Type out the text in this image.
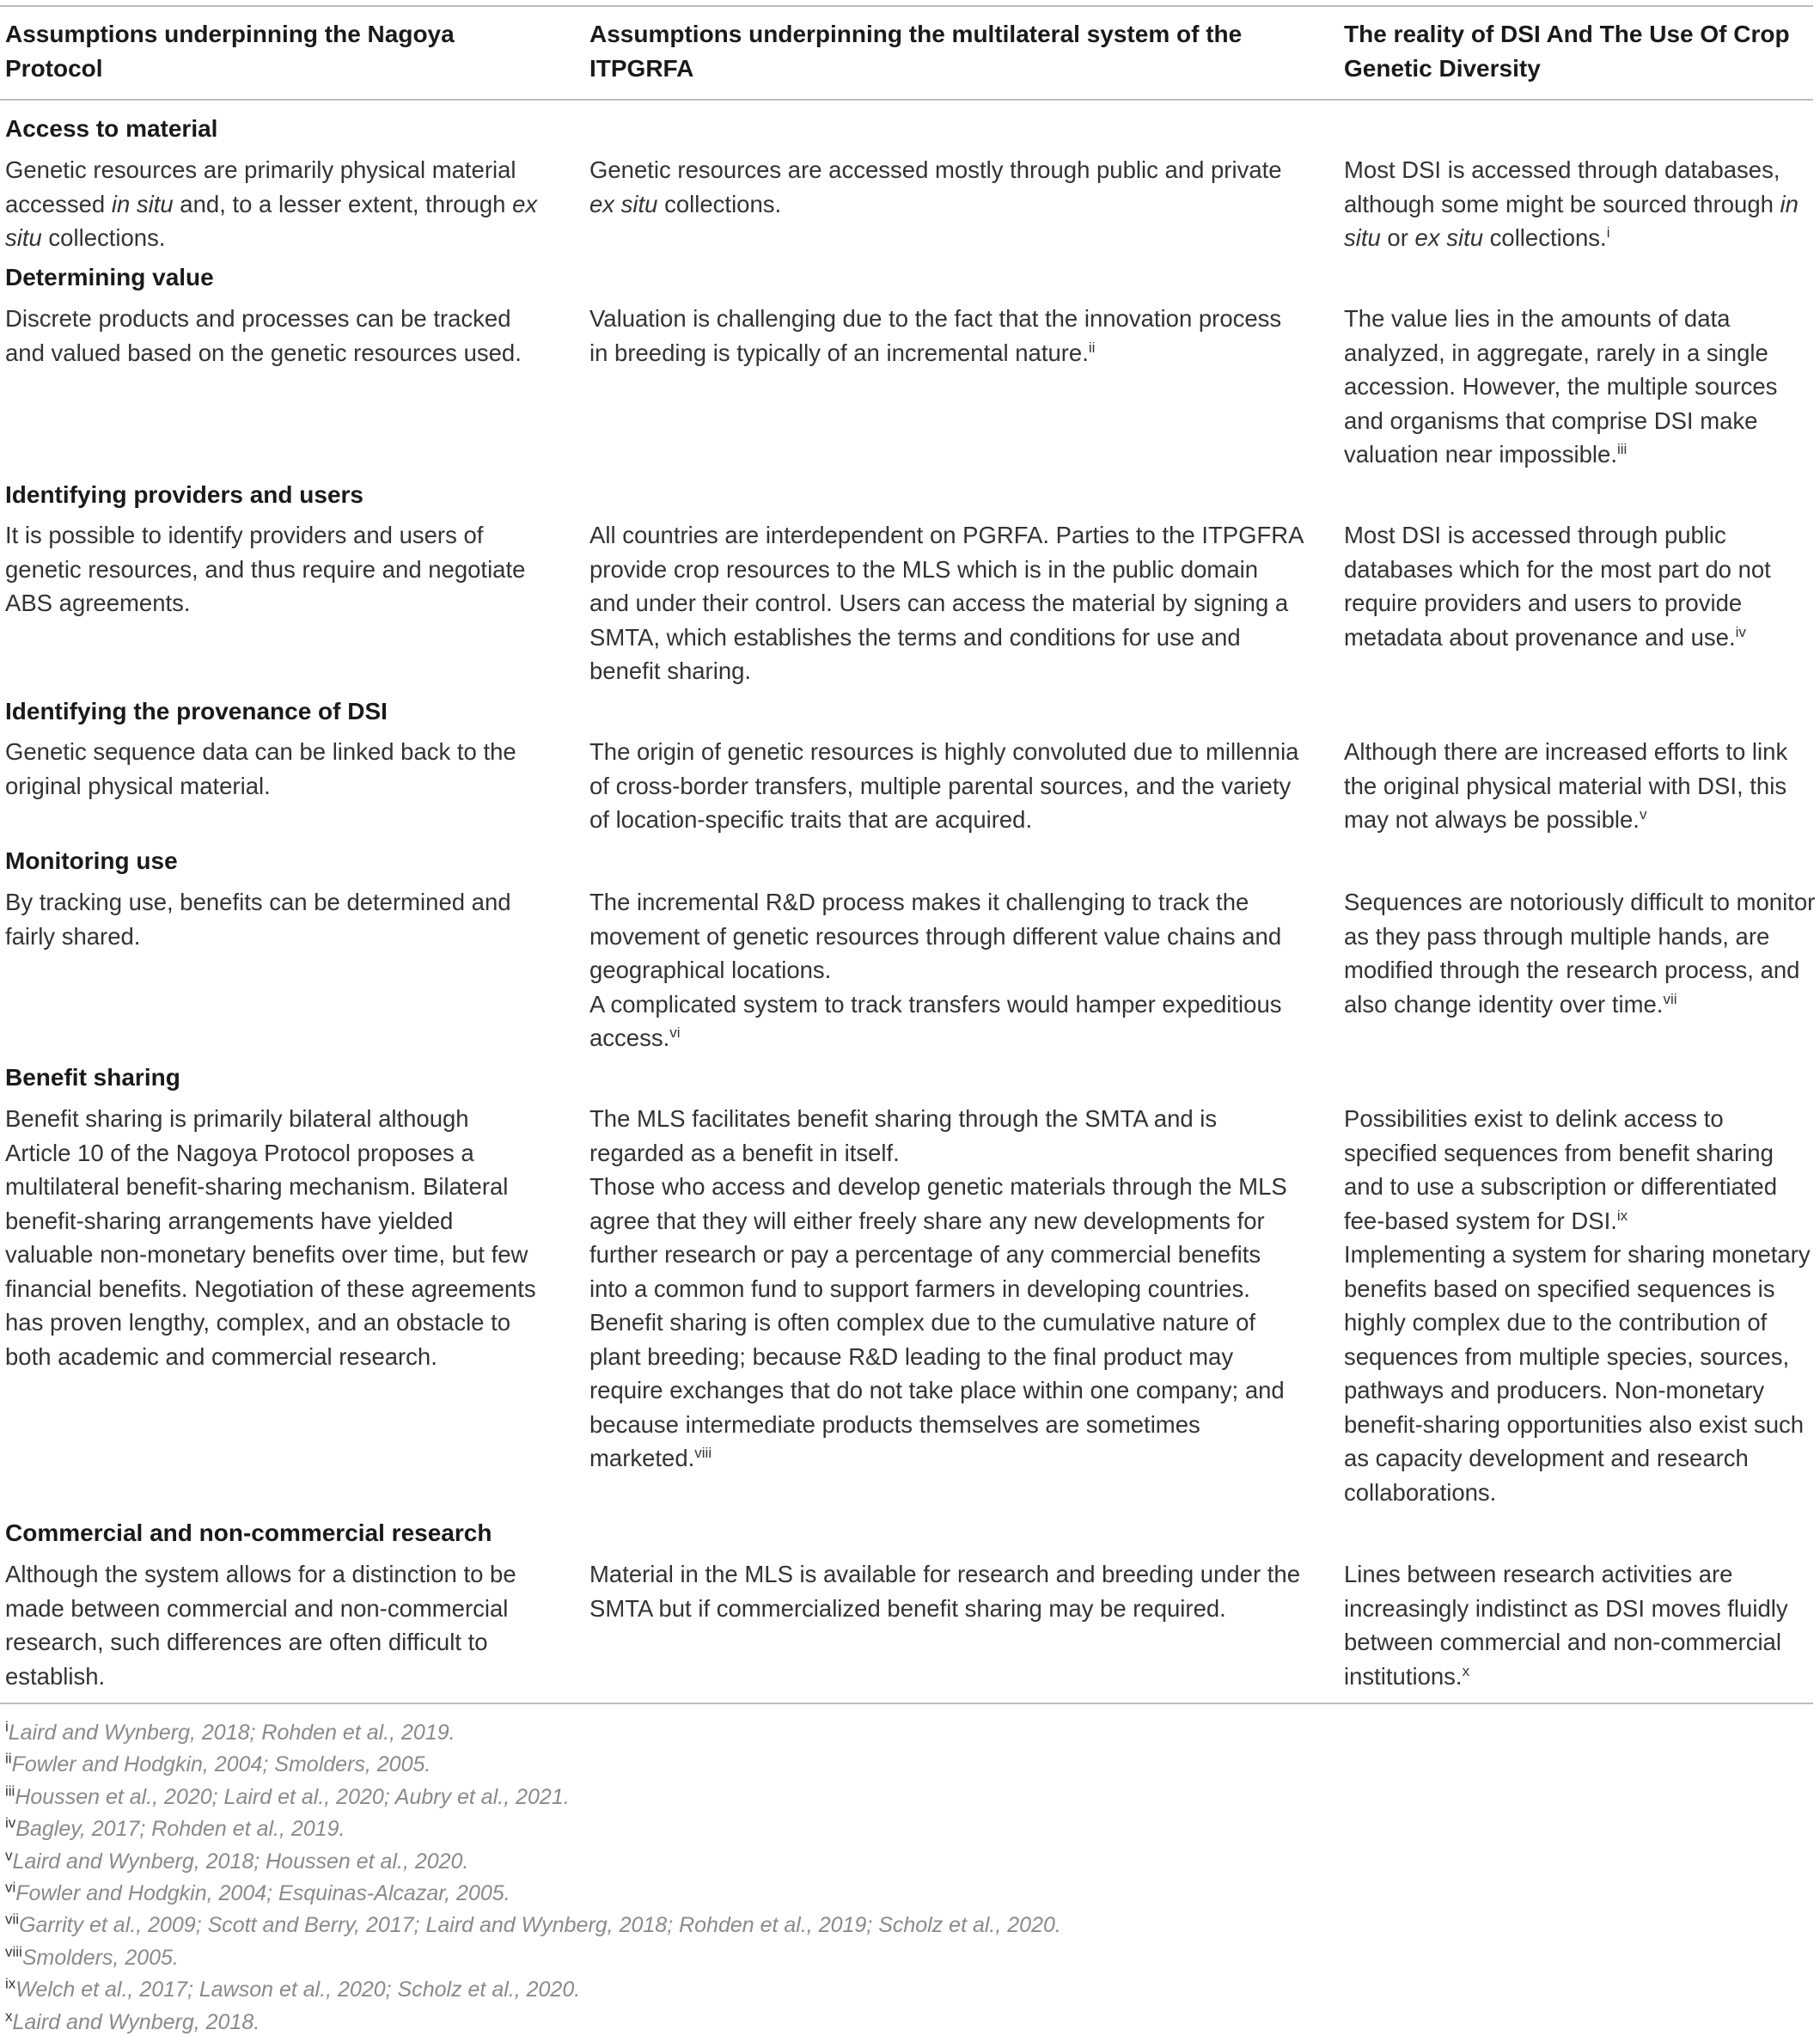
Assumptions underpinning the Nagoya Protocol
Assumptions underpinning the multilateral system of the ITPGRFA
The reality of DSI And The Use Of Crop Genetic Diversity
Access to material
Genetic resources are primarily physical material accessed in situ and, to a lesser extent, through ex situ collections.
Genetic resources are accessed mostly through public and private ex situ collections.
Most DSI is accessed through databases, although some might be sourced through in situ or ex situ collections.$^i$
Determining value
Discrete products and processes can be tracked and valued based on the genetic resources used.
Valuation is challenging due to the fact that the innovation process in breeding is typically of an incremental nature.$^{ii}$
The value lies in the amounts of data analyzed, in aggregate, rarely in a single accession. However, the multiple sources and organisms that comprise DSI make valuation near impossible.$^{iii}$
Identifying providers and users
It is possible to identify providers and users of genetic resources, and thus require and negotiate ABS agreements.
All countries are interdependent on PGRFA. Parties to the ITPGFRA provide crop resources to the MLS which is in the public domain and under their control. Users can access the material by signing a SMTA, which establishes the terms and conditions for use and benefit sharing.
Most DSI is accessed through public databases which for the most part do not require providers and users to provide metadata about provenance and use.$^{iv}$
Identifying the provenance of DSI
Genetic sequence data can be linked back to the original physical material.
The origin of genetic resources is highly convoluted due to millennia of cross-border transfers, multiple parental sources, and the variety of location-specific traits that are acquired.
Although there are increased efforts to link the original physical material with DSI, this may not always be possible.$^v$
Monitoring use
By tracking use, benefits can be determined and fairly shared.
The incremental R&D process makes it challenging to track the movement of genetic resources through different value chains and geographical locations.
A complicated system to track transfers would hamper expeditious access.$^{vi}$
Sequences are notoriously difficult to monitor as they pass through multiple hands, are modified through the research process, and also change identity over time.$^{vii}$
Benefit sharing
Benefit sharing is primarily bilateral although Article 10 of the Nagoya Protocol proposes a multilateral benefit-sharing mechanism. Bilateral benefit-sharing arrangements have yielded valuable non-monetary benefits over time, but few financial benefits. Negotiation of these agreements has proven lengthy, complex, and an obstacle to both academic and commercial research.
The MLS facilitates benefit sharing through the SMTA and is regarded as a benefit in itself.
Those who access and develop genetic materials through the MLS agree that they will either freely share any new developments for further research or pay a percentage of any commercial benefits into a common fund to support farmers in developing countries.
Benefit sharing is often complex due to the cumulative nature of plant breeding; because R&D leading to the final product may require exchanges that do not take place within one company; and because intermediate products themselves are sometimes marketed.$^{viii}$
Possibilities exist to delink access to specified sequences from benefit sharing and to use a subscription or differentiated fee-based system for DSI.$^{ix}$
Implementing a system for sharing monetary benefits based on specified sequences is highly complex due to the contribution of sequences from multiple species, sources, pathways and producers. Non-monetary benefit-sharing opportunities also exist such as capacity development and research collaborations.
Commercial and non-commercial research
Although the system allows for a distinction to be made between commercial and non-commercial research, such differences are often difficult to establish.
Material in the MLS is available for research and breeding under the SMTA but if commercialized benefit sharing may be required.
Lines between research activities are increasingly indistinct as DSI moves fluidly between commercial and non-commercial institutions.$^x$
$^i$Laird and Wynberg, 2018; Rohden et al., 2019.
$^{ii}$Fowler and Hodgkin, 2004; Smolders, 2005.
$^{iii}$Houssen et al., 2020; Laird et al., 2020; Aubry et al., 2021.
$^{iv}$Bagley, 2017; Rohden et al., 2019.
$^v$Laird and Wynberg, 2018; Houssen et al., 2020.
$^{vi}$Fowler and Hodgkin, 2004; Esquinas-Alcazar, 2005.
$^{vii}$Garrity et al., 2009; Scott and Berry, 2017; Laird and Wynberg, 2018; Rohden et al., 2019; Scholz et al., 2020.
$^{viii}$Smolders, 2005.
$^{ix}$Welch et al., 2017; Lawson et al., 2020; Scholz et al., 2020.
$^x$Laird and Wynberg, 2018.
